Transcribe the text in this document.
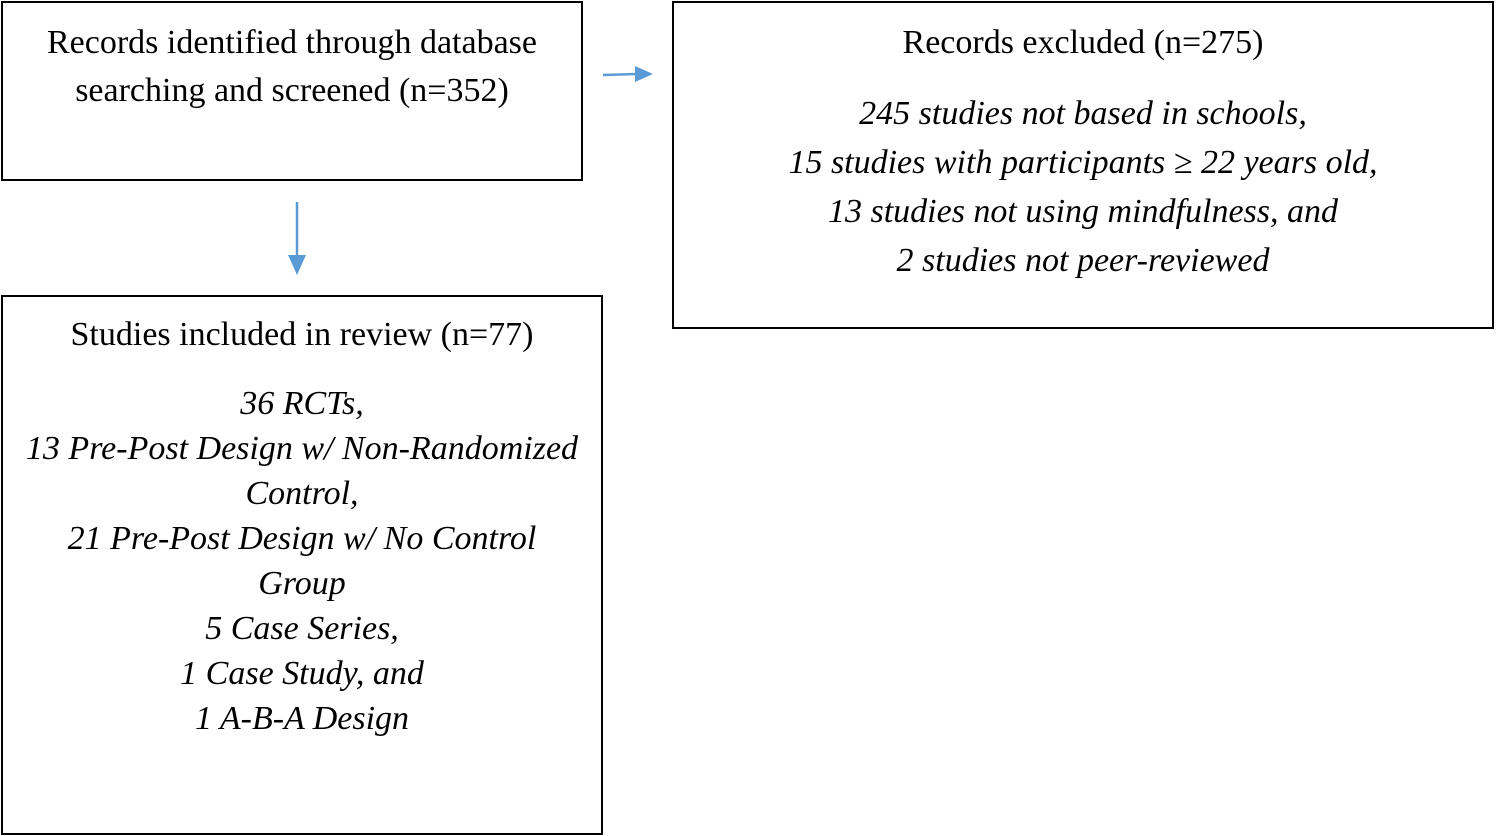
Records identified through database searching and screened (n=352)

Records excluded (n=275)

245 studies not based in schools,
15 studies with participants ≥ 22 years old,
13 studies not using mindfulness, and
2 studies not peer-reviewed

Studies included in review (n=77)

36 RCTs,
13 Pre-Post Design w/ Non-Randomized Control,
21 Pre-Post Design w/ No Control Group
5 Case Series,
1 Case Study, and
1 A-B-A Design
